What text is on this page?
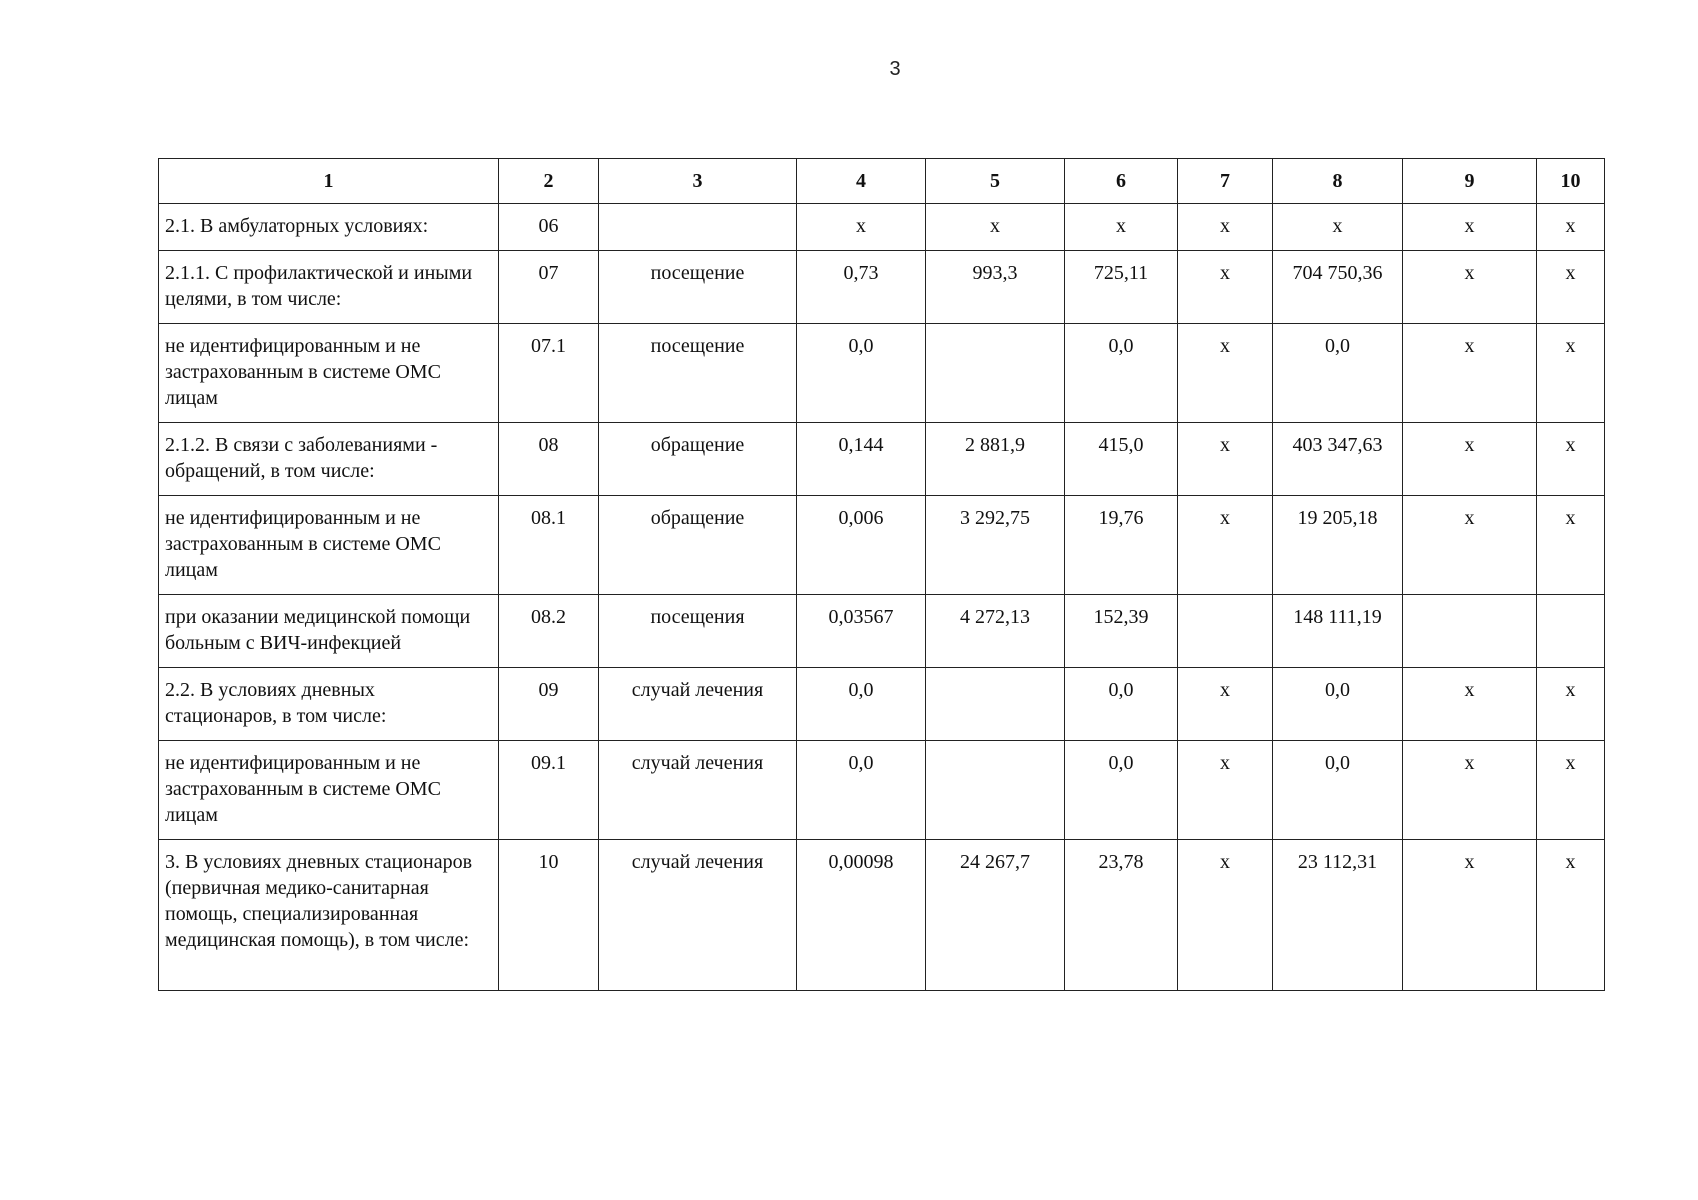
3
1	2	3	4	5	6	7	8	9	10
2.1. В амбулаторных условиях:	06		x	x	x	x	x	x	x
2.1.1. С профилактической и иными целями, в том числе:	07	посещение	0,73	993,3	725,11	x	704 750,36	x	x
не идентифицированным и не застрахованным в системе ОМС лицам	07.1	посещение	0,0		0,0	x	0,0	x	x
2.1.2. В связи с заболеваниями - обращений, в том числе:	08	обращение	0,144	2 881,9	415,0	x	403 347,63	x	x
не идентифицированным и не застрахованным в системе ОМС лицам	08.1	обращение	0,006	3 292,75	19,76	x	19 205,18	x	x
при оказании медицинской помощи больным с ВИЧ-инфекцией	08.2	посещения	0,03567	4 272,13	152,39		148 111,19		
2.2. В условиях дневных стационаров, в том числе:	09	случай лечения	0,0		0,0	x	0,0	x	x
не идентифицированным и не застрахованным в системе ОМС лицам	09.1	случай лечения	0,0		0,0	x	0,0	x	x
3. В условиях дневных стационаров (первичная медико-санитарная помощь, специализированная медицинская помощь), в том числе:	10	случай лечения	0,00098	24 267,7	23,78	x	23 112,31	x	x
